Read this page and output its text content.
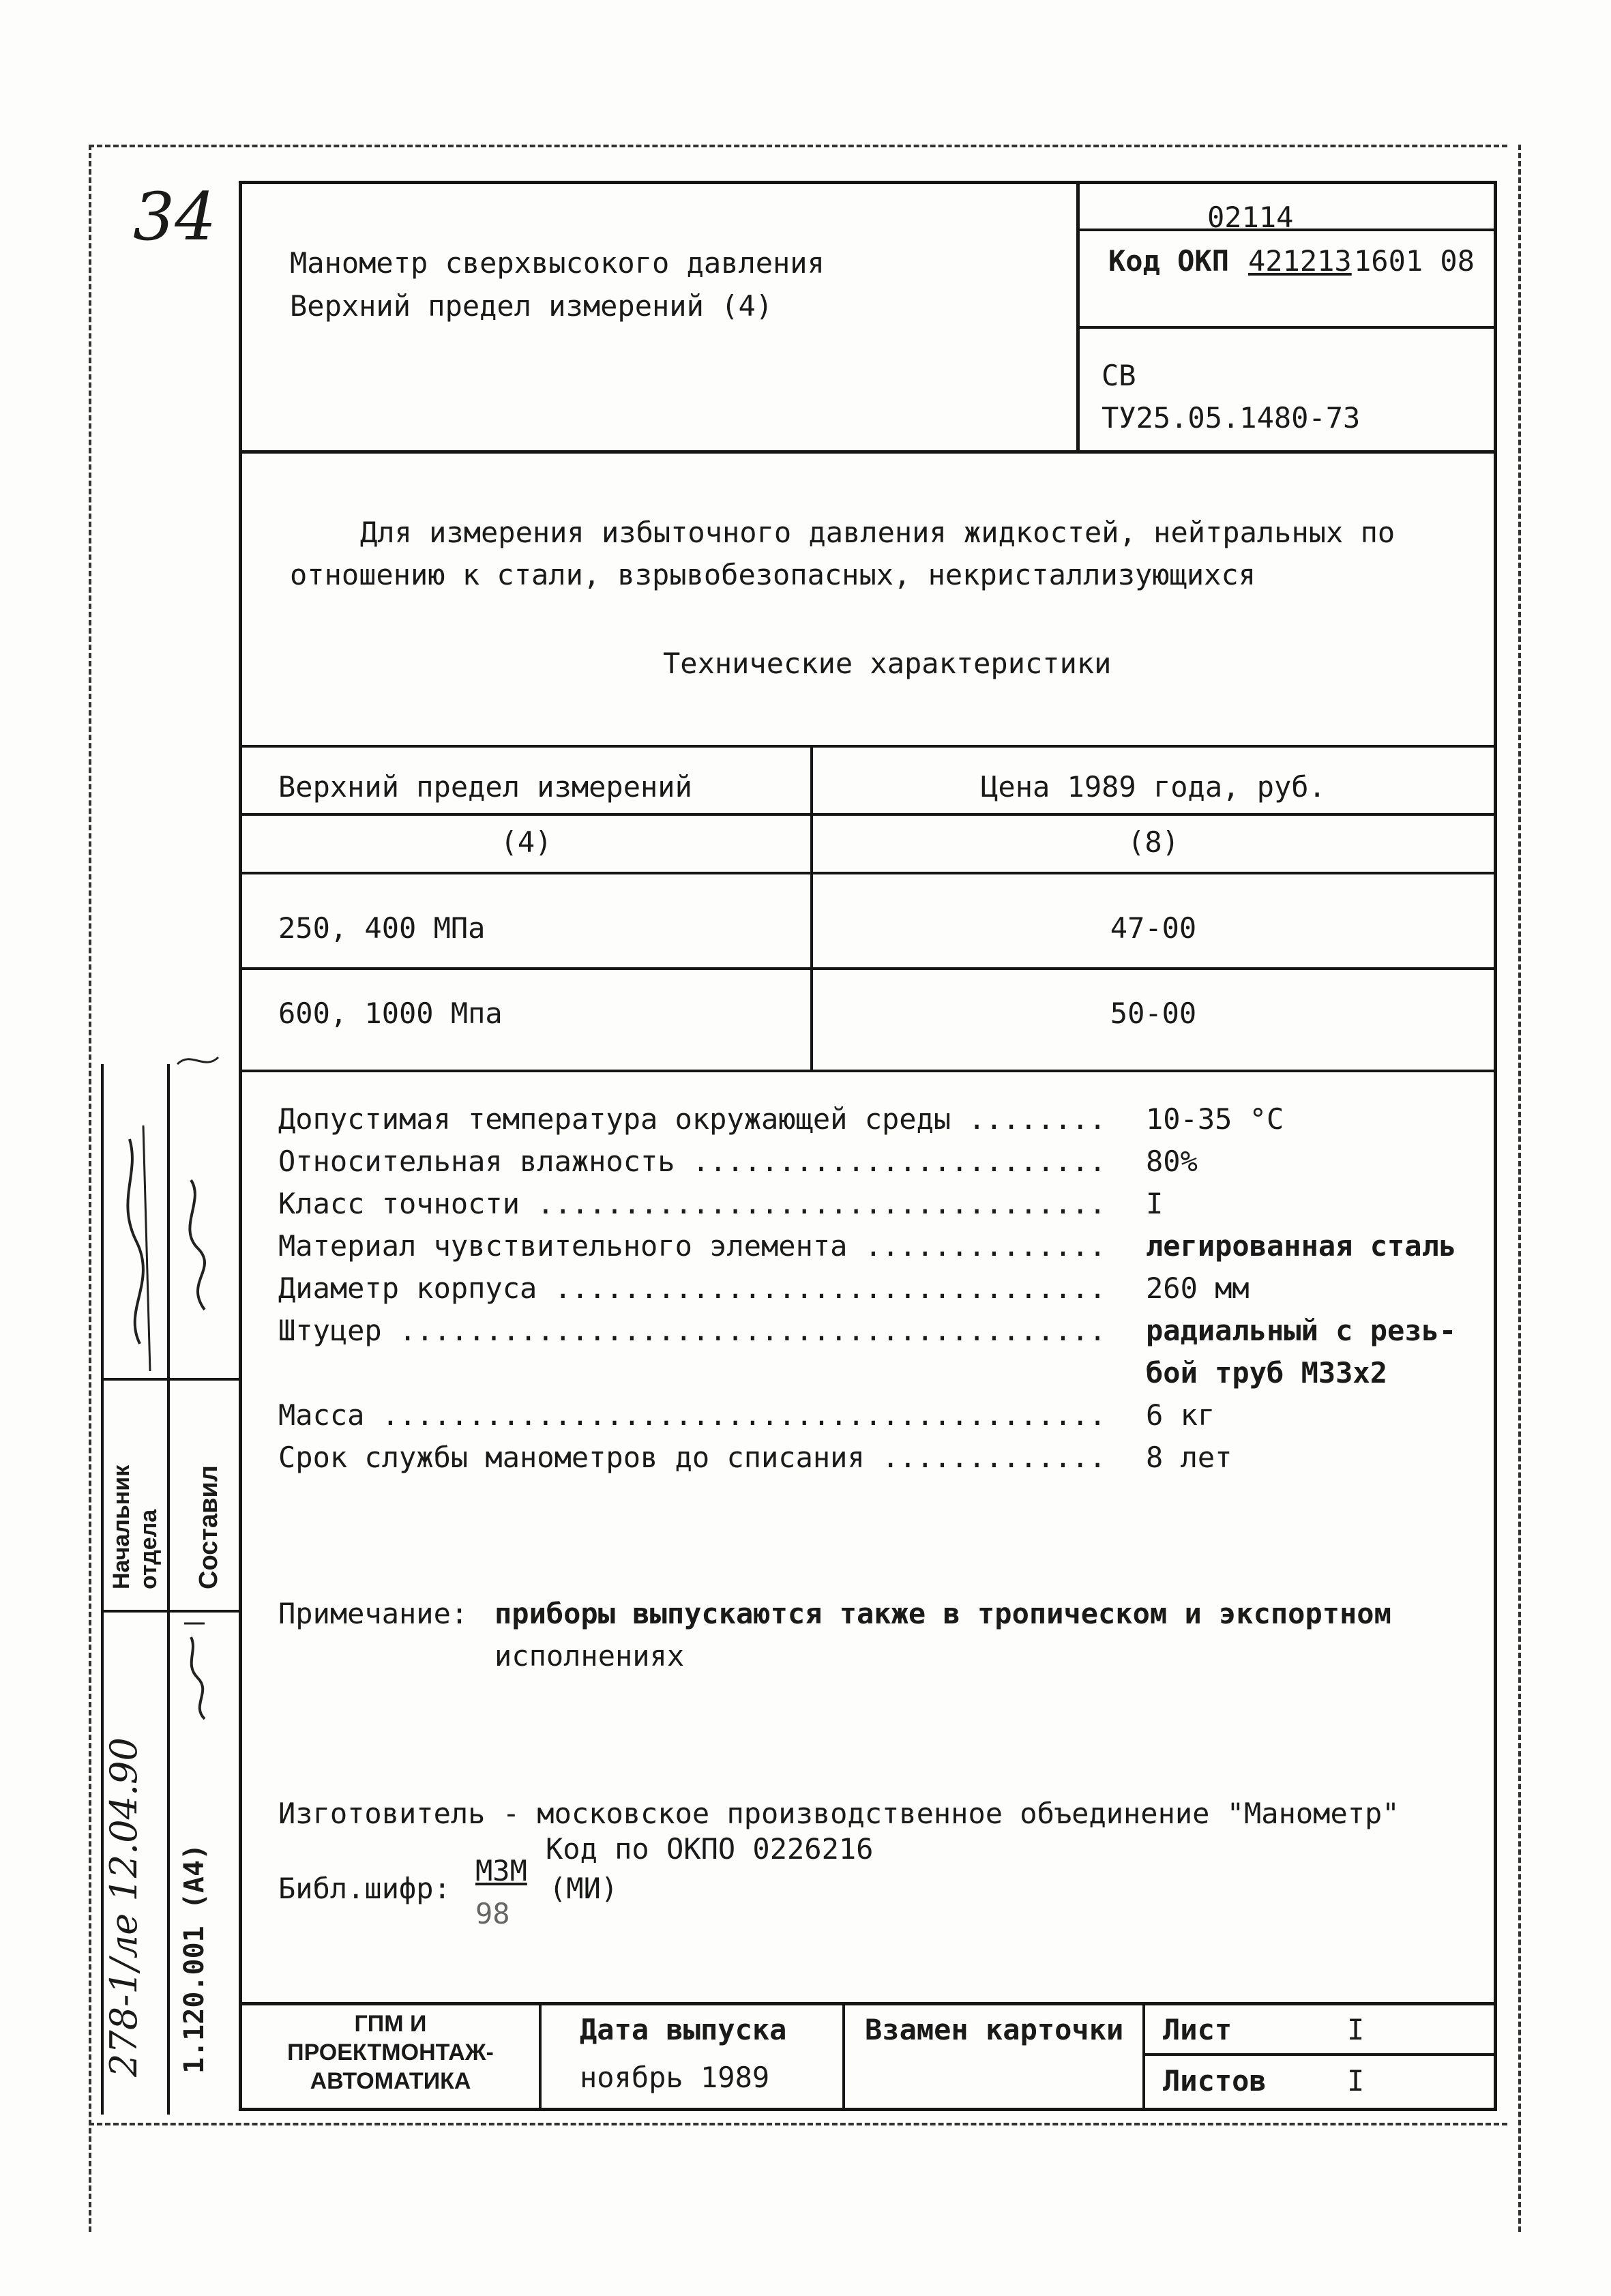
34
Манометр сверхвысокого давления
Верхний предел измерений (4)
02114
Код ОКП 421213 1601 08
СВ
ТУ25.05.1480-73
Для измерения избыточного давления жидкостей, нейтральных по
отношению к стали, взрывобезопасных, некристаллизующихся
Технические характеристики
Верхний предел измерений	Цена 1989 года, руб.
(4)	(8)
250, 400 МПа	47-00
600, 1000 Мпа	50-00
Допустимая температура окружающей среды ........ 10-35 °С
Относительная влажность ........................ 80%
Класс точности ................................. I
Материал чувствительного элемента .............. легированная сталь
Диаметр корпуса ................................ 260 мм
Штуцер ......................................... радиальный с резь-
бой труб М33х2
Масса .......................................... 6 кг
Срок службы манометров до списания ............. 8 лет
Примечание: приборы выпускаются также в тропическом и экспортном
исполнениях
Изготовитель - московское производственное объединение "Манометр"
Код по ОКПО 0226216
Библ.шифр:
МЗМ
98
(МИ)
ГПМ И
ПРОЕКТМОНТАЖ-
АВТОМАТИКА
Дата выпуска
ноябрь 1989
Взамен карточки Лист	I
Листов	I
Начальник отдела Составил
278-1/ле 12.04.90 1.120.001 (А4)
